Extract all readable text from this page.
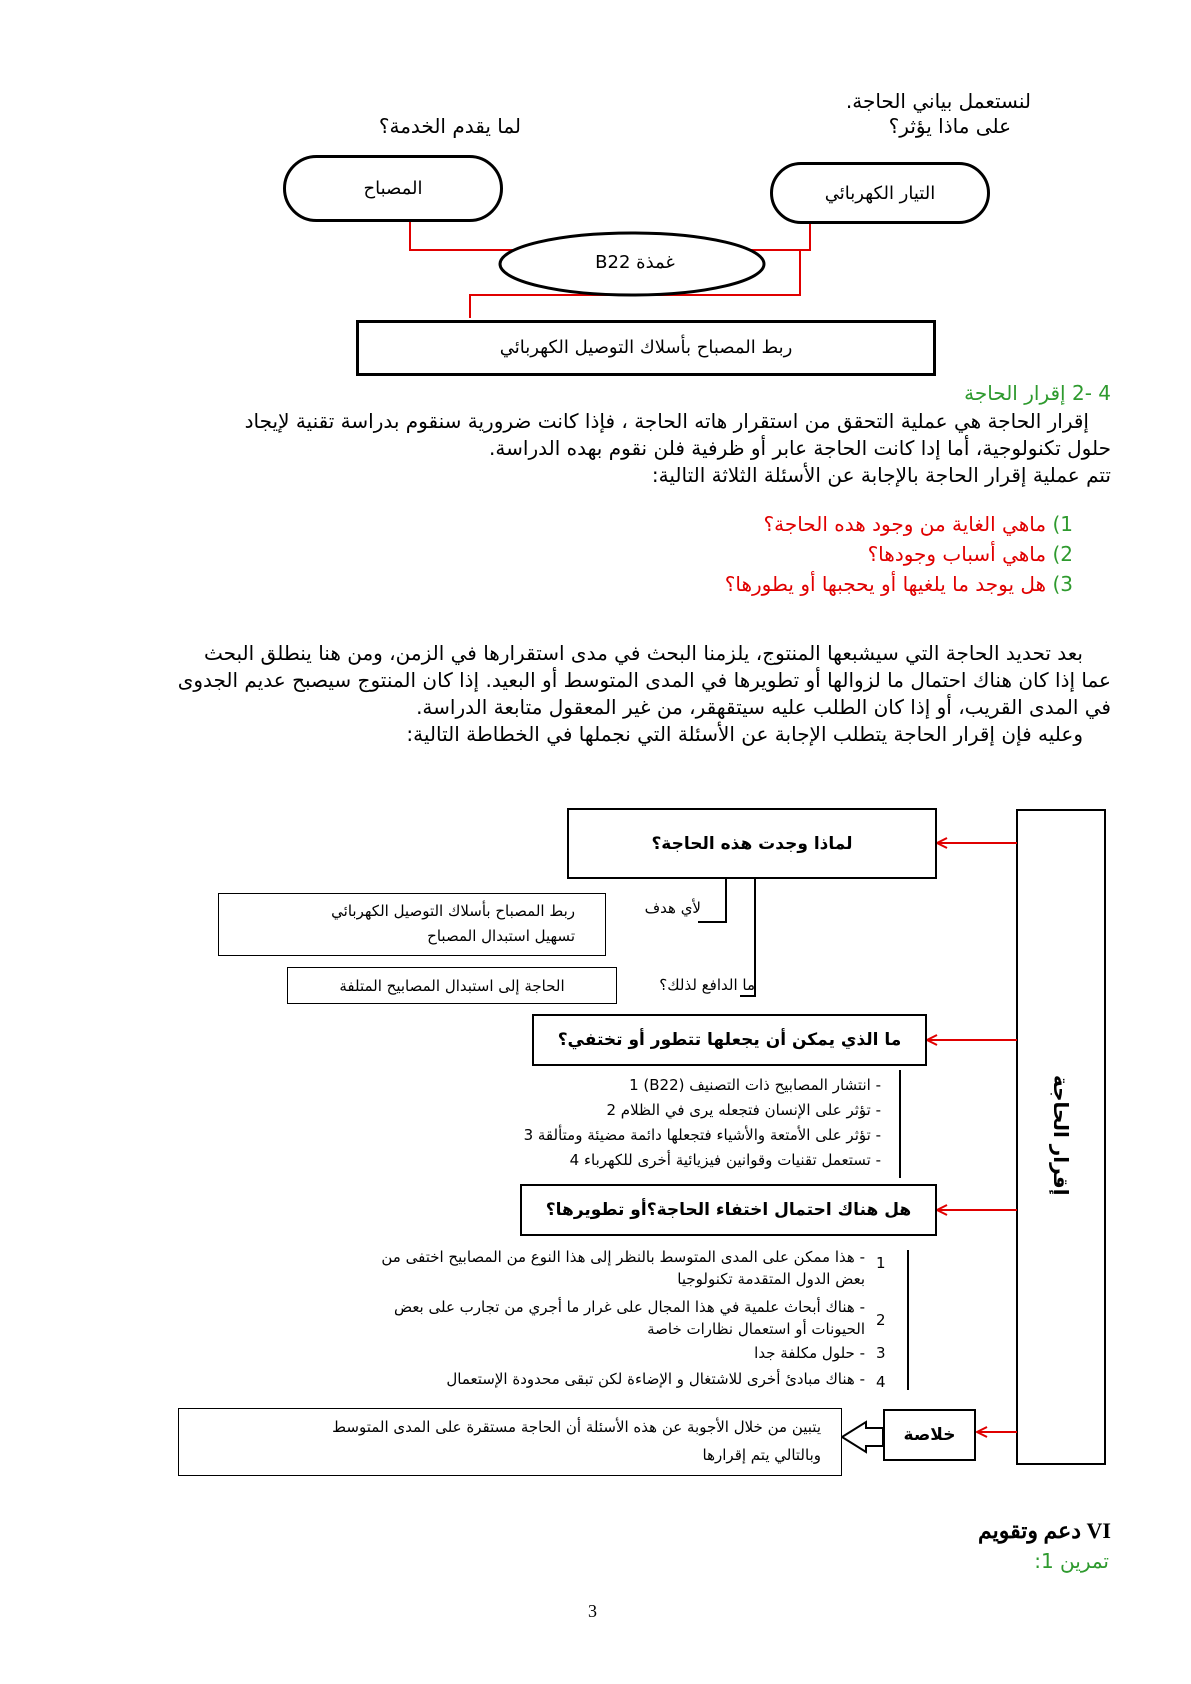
لنستعمل بياني الحاجة.
على ماذا يؤثر؟
لما يقدم الخدمة؟
المصباح	التيار الكهربائي
غمذة B22
ربط المصباح بأسلاك التوصيل الكهربائي
4 -2 إقرار الحاجة
إقرار الحاجة هي عملية التحقق من استقرار هاته الحاجة ، فإذا كانت ضرورية سنقوم بدراسة تقنية لإيجاد
حلول تكنولوجية، أما إدا كانت الحاجة عابر أو ظرفية فلن نقوم بهده الدراسة.
تتم عملية إقرار الحاجة بالإجابة عن الأسئلة الثلاثة التالية:
1) ماهي الغاية من وجود هده الحاجة؟
2) ماهي أسباب وجودها؟
3) هل يوجد ما يلغيها أو يحجبها أو يطورها؟
بعد تحديد الحاجة التي سيشبعها المنتوج، يلزمنا البحث في مدى استقرارها في الزمن، ومن هنا ينطلق البحث
عما إذا كان هناك احتمال ما لزوالها أو تطويرها في المدى المتوسط أو البعيد. إذا كان المنتوج سيصبح عديم الجدوى
في المدى القريب، أو إذا كان الطلب عليه سيتقهقر، من غير المعقول متابعة الدراسة.
وعليه فإن إقرار الحاجة يتطلب الإجابة عن الأسئلة التي نجملها في الخطاطة التالية:
إقرار الحاجة
لماذا وجدت هذه الحاجة؟
لأي هدف
ربط المصباح بأسلاك التوصيل الكهربائي
تسهيل استبدال المصباح
ما الدافع لذلك؟
الحاجة إلى استبدال المصابيح المتلفة
ما الذي يمكن أن يجعلها تتطور أو تختفي؟
- انتشار المصابيح ذات التصنيف (B22) 1
- تؤثر على الإنسان فتجعله يرى في الظلام 2
- تؤثر على الأمتعة والأشياء فتجعلها دائمة مضيئة ومتألقة 3
- تستعمل تقنيات وقوانين فيزيائية أخرى للكهرباء 4
هل هناك احتمال اختفاء الحاجة؟أو تطويرها؟
1
- هذا ممكن على المدى المتوسط بالنظر إلى هذا النوع من المصابيح اختفى من
بعض الدول المتقدمة تكنولوجيا
2
- هناك أبحاث علمية في هذا المجال على غرار ما أجري من تجارب على بعض
الحيونات أو استعمال نظارات خاصة
3
- حلول مكلفة جدا
4
- هناك مبادئ أخرى للاشتغال و الإضاءة لكن تبقى محدودة الإستعمال
خلاصة
يتبين من خلال الأجوبة عن هذه الأسئلة أن الحاجة مستقرة على المدى المتوسط
وبالتالي يتم إقرارها
VI دعم وتقويم
تمرين 1:
3
